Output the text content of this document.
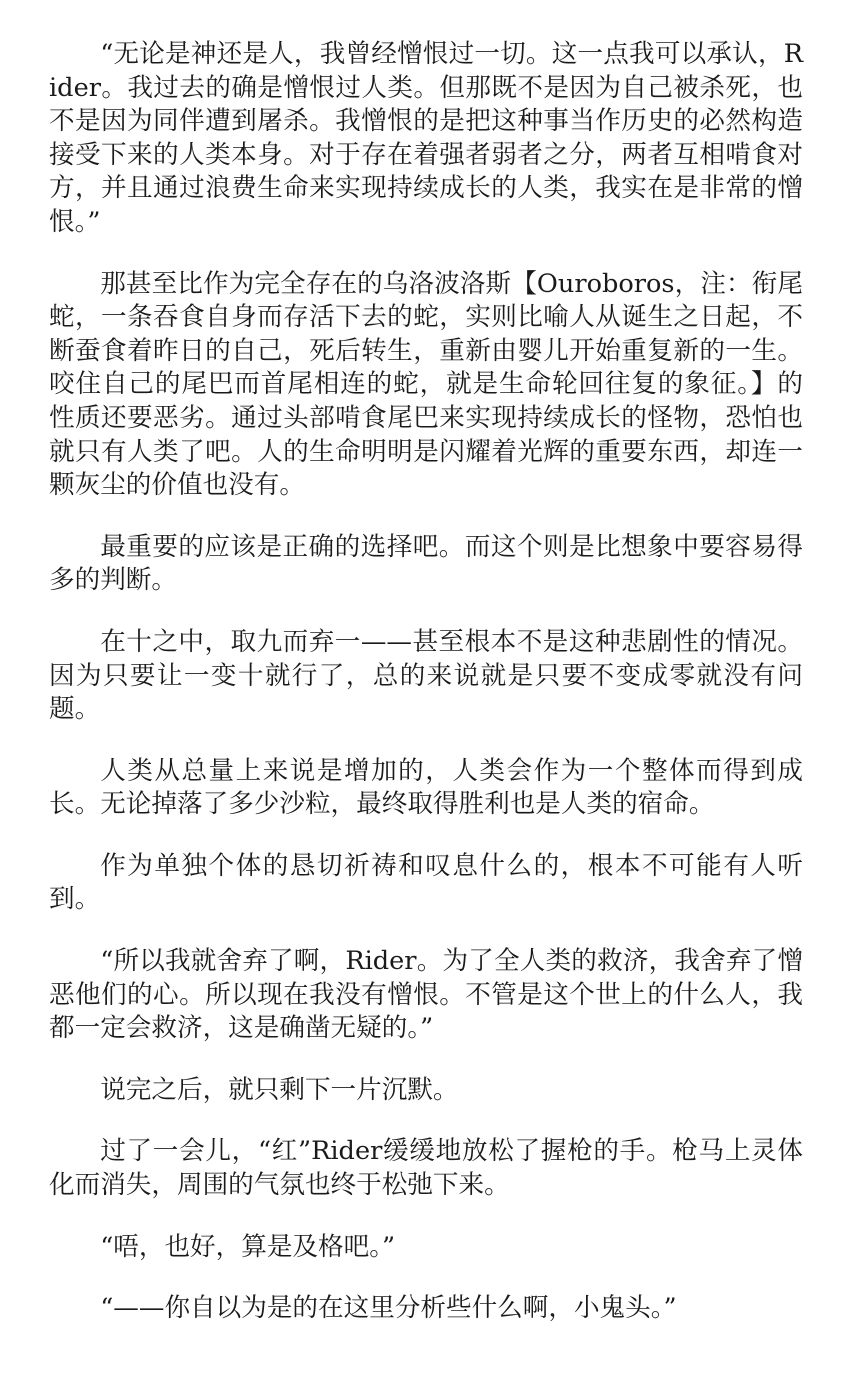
“无论是神还是人，我曾经憎恨过一切。这一点我可以承认，Rider。我过去的确是憎恨过人类。但那既不是因为自己被杀死，也不是因为同伴遭到屠杀。我憎恨的是把这种事当作历史的必然构造接受下来的人类本身。对于存在着强者弱者之分，两者互相啃食对方，并且通过浪费生命来实现持续成长的人类，我实在是非常的憎恨。”

那甚至比作为完全存在的乌洛波洛斯【Ouroboros，注：衔尾蛇，一条吞食自身而存活下去的蛇，实则比喻人从诞生之日起，不断蚕食着昨日的自己，死后转生，重新由婴儿开始重复新的一生。咬住自己的尾巴而首尾相连的蛇，就是生命轮回往复的象征。】的性质还要恶劣。通过头部啃食尾巴来实现持续成长的怪物，恐怕也就只有人类了吧。人的生命明明是闪耀着光辉的重要东西，却连一颗灰尘的价值也没有。

最重要的应该是正确的选择吧。而这个则是比想象中要容易得多的判断。

在十之中，取九而弃一——甚至根本不是这种悲剧性的情况。因为只要让一变十就行了，总的来说就是只要不变成零就没有问题。

人类从总量上来说是增加的，人类会作为一个整体而得到成长。无论掉落了多少沙粒，最终取得胜利也是人类的宿命。

作为单独个体的恳切祈祷和叹息什么的，根本不可能有人听到。

“所以我就舍弃了啊，Rider。为了全人类的救济，我舍弃了憎恶他们的心。所以现在我没有憎恨。不管是这个世上的什么人，我都一定会救济，这是确凿无疑的。”

说完之后，就只剩下一片沉默。

过了一会儿，“红”Rider缓缓地放松了握枪的手。枪马上灵体化而消失，周围的气氛也终于松弛下来。

“唔，也好，算是及格吧。”

“——你自以为是的在这里分析些什么啊，小鬼头。”
